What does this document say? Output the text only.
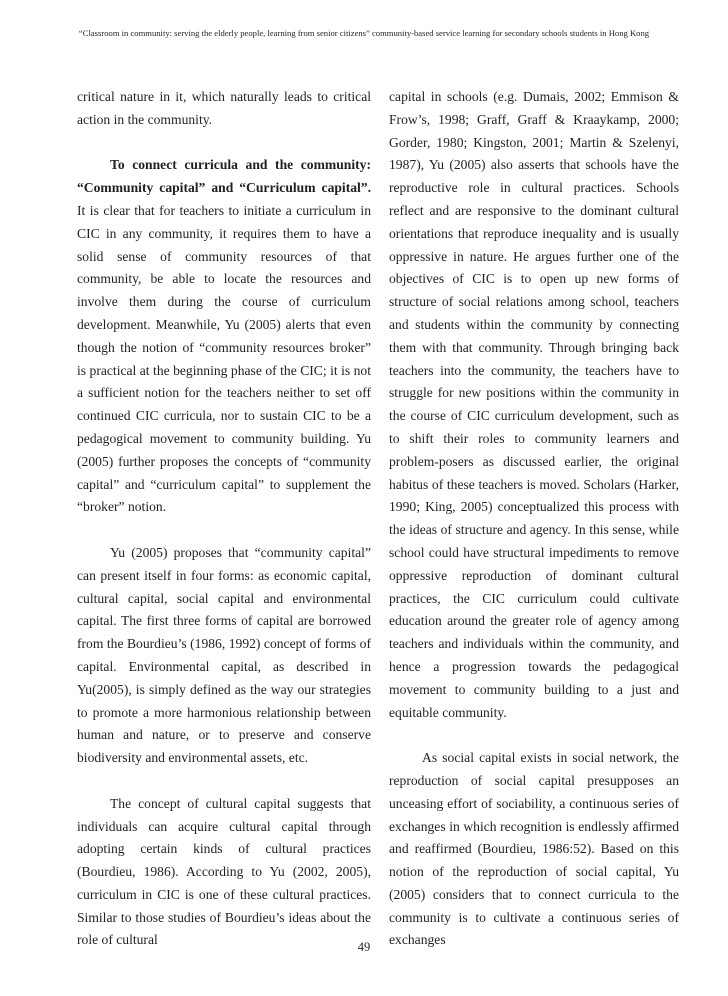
“Classroom in community: serving the elderly people, learning from senior citizens” community-based service learning for secondary schools students in Hong Kong

critical nature in it, which naturally leads to critical action in the community.

To connect curricula and the community: “Community capital” and “Curriculum capital”. It is clear that for teachers to initiate a curriculum in CIC in any community, it requires them to have a solid sense of community resources of that community, be able to locate the resources and involve them during the course of curriculum development. Meanwhile, Yu (2005) alerts that even though the notion of “community resources broker” is practical at the beginning phase of the CIC; it is not a sufficient notion for the teachers neither to set off continued CIC curricula, nor to sustain CIC to be a pedagogical movement to community building. Yu (2005) further proposes the concepts of “community capital” and “curriculum capital” to supplement the “broker” notion.

Yu (2005) proposes that “community capital” can present itself in four forms: as economic capital, cultural capital, social capital and environmental capital. The first three forms of capital are borrowed from the Bourdieu’s (1986, 1992) concept of forms of capital. Environmental capital, as described in Yu(2005), is simply defined as the way our strategies to promote a more harmonious relationship between human and nature, or to preserve and conserve biodiversity and environmental assets, etc.

The concept of cultural capital suggests that individuals can acquire cultural capital through adopting certain kinds of cultural practices (Bourdieu, 1986). According to Yu (2002, 2005), curriculum in CIC is one of these cultural practices. Similar to those studies of Bourdieu’s ideas about the role of cultural

capital in schools (e.g. Dumais, 2002; Emmison & Frow’s, 1998; Graff, Graff & Kraaykamp, 2000; Gorder, 1980; Kingston, 2001; Martin & Szelenyi, 1987), Yu (2005) also asserts that schools have the reproductive role in cultural practices. Schools reflect and are responsive to the dominant cultural orientations that reproduce inequality and is usually oppressive in nature. He argues further one of the objectives of CIC is to open up new forms of structure of social relations among school, teachers and students within the community by connecting them with that community. Through bringing back teachers into the community, the teachers have to struggle for new positions within the community in the course of CIC curriculum development, such as to shift their roles to community learners and problem-posers as discussed earlier, the original habitus of these teachers is moved. Scholars (Harker, 1990; King, 2005) conceptualized this process with the ideas of structure and agency. In this sense, while school could have structural impediments to remove oppressive reproduction of dominant cultural practices, the CIC curriculum could cultivate education around the greater role of agency among teachers and individuals within the community, and hence a progression towards the pedagogical movement to community building to a just and equitable community.

As social capital exists in social network, the reproduction of social capital presupposes an unceasing effort of sociability, a continuous series of exchanges in which recognition is endlessly affirmed and reaffirmed (Bourdieu, 1986:52). Based on this notion of the reproduction of social capital, Yu (2005) considers that to connect curricula to the community is to cultivate a continuous series of exchanges

49
